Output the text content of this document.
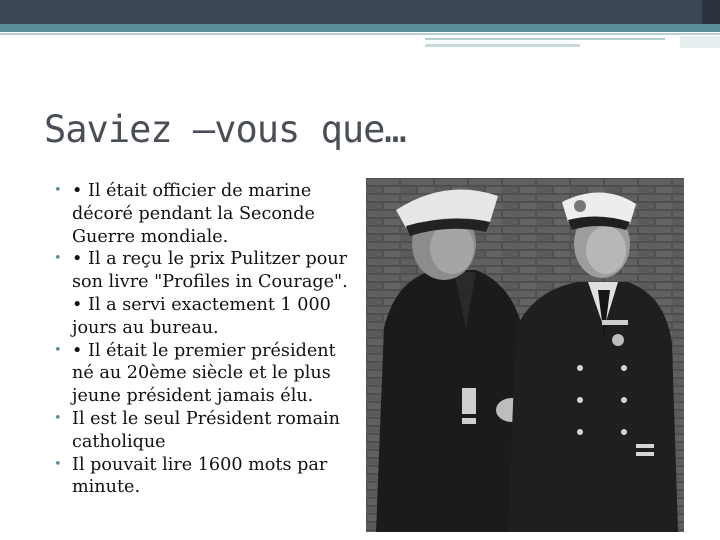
Saviez –vous que…
• • Il était officier de marine décoré pendant la Seconde Guerre mondiale.
• • Il a reçu le prix Pulitzer pour son livre "Profiles in Courage". • Il a servi exactement 1 000 jours au bureau.
• • Il était le premier président né au 20ème siècle et le plus jeune président jamais élu.
• Il est le seul Président romain catholique
• Il pouvait lire 1600 mots par minute.
